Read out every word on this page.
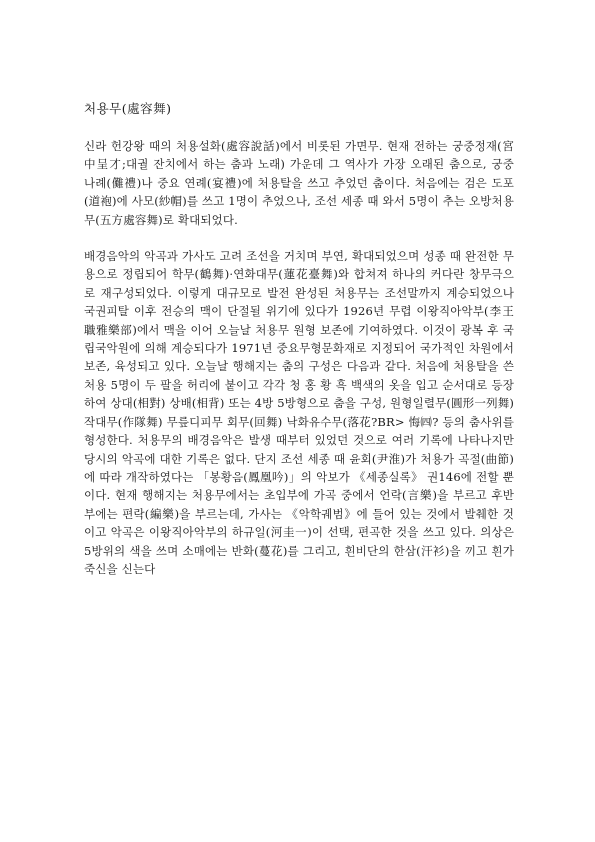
처용무(處容舞)

신라 헌강왕 때의 처용설화(處容說話)에서 비롯된 가면무. 현재 전하는 궁중정재(宮中呈才;대궐 잔치에서 하는 춤과 노래) 가운데 그 역사가 가장 오래된 춤으로, 궁중 나례(儺禮)나 중요 연례(宴禮)에 처용탈을 쓰고 추었던 춤이다. 처음에는 검은 도포(道袍)에 사모(紗帽)를 쓰고 1명이 추었으나, 조선 세종 때 와서 5명이 추는 오방처용무(五方處容舞)로 확대되었다.

배경음악의 악곡과 가사도 고려 조선을 거치며 부연, 확대되었으며 성종 때 완전한 무용으로 정립되어 학무(鶴舞)·연화대무(蓮花臺舞)와 합쳐져 하나의 커다란 창무극으로 재구성되었다. 이렇게 대규모로 발전 완성된 처용무는 조선말까지 계승되었으나 국권피탈 이후 전승의 맥이 단절될 위기에 있다가 1926년 무렵 이왕직아악부(李王職雅樂部)에서 맥을 이어 오늘날 처용무 원형 보존에 기여하였다. 이것이 광복 후 국립국악원에 의해 계승되다가 1971년 중요무형문화재로 지정되어 국가적인 차원에서 보존, 육성되고 있다. 오늘날 행해지는 춤의 구성은 다음과 같다. 처음에 처용탈을 쓴 처용 5명이 두 팔을 허리에 붙이고 각각 청 홍 황 흑 백색의 옷을 입고 순서대로 등장하여 상대(相對) 상배(相背) 또는 4방 5방형으로 춤을 구성, 원형일렬무(圓形一列舞) 작대무(作隊舞) 무릎디피무 회무(回舞) 낙화유수무(落花?BR> 悔㈣? 등의 춤사위를 형성한다. 처용무의 배경음악은 발생 때부터 있었던 것으로 여러 기록에 나타나지만 당시의 악곡에 대한 기록은 없다. 단지 조선 세종 때 윤회(尹淮)가 처용가 곡절(曲節)에 따라 개작하였다는 「봉황음(鳳凰吟)」의 악보가 《세종실록》 권146에 전할 뿐이다. 현재 행해지는 처용무에서는 초입부에 가곡 중에서 언락(言樂)을 부르고 후반부에는 편락(編樂)을 부르는데, 가사는 《악학궤범》에 들어 있는 것에서 발췌한 것이고 악곡은 이왕직아악부의 하규일(河圭一)이 선택, 편곡한 것을 쓰고 있다. 의상은 5방위의 색을 쓰며 소매에는 반화(蔓花)를 그리고, 흰비단의 한삼(汗衫)을 끼고 흰가죽신을 신는다
